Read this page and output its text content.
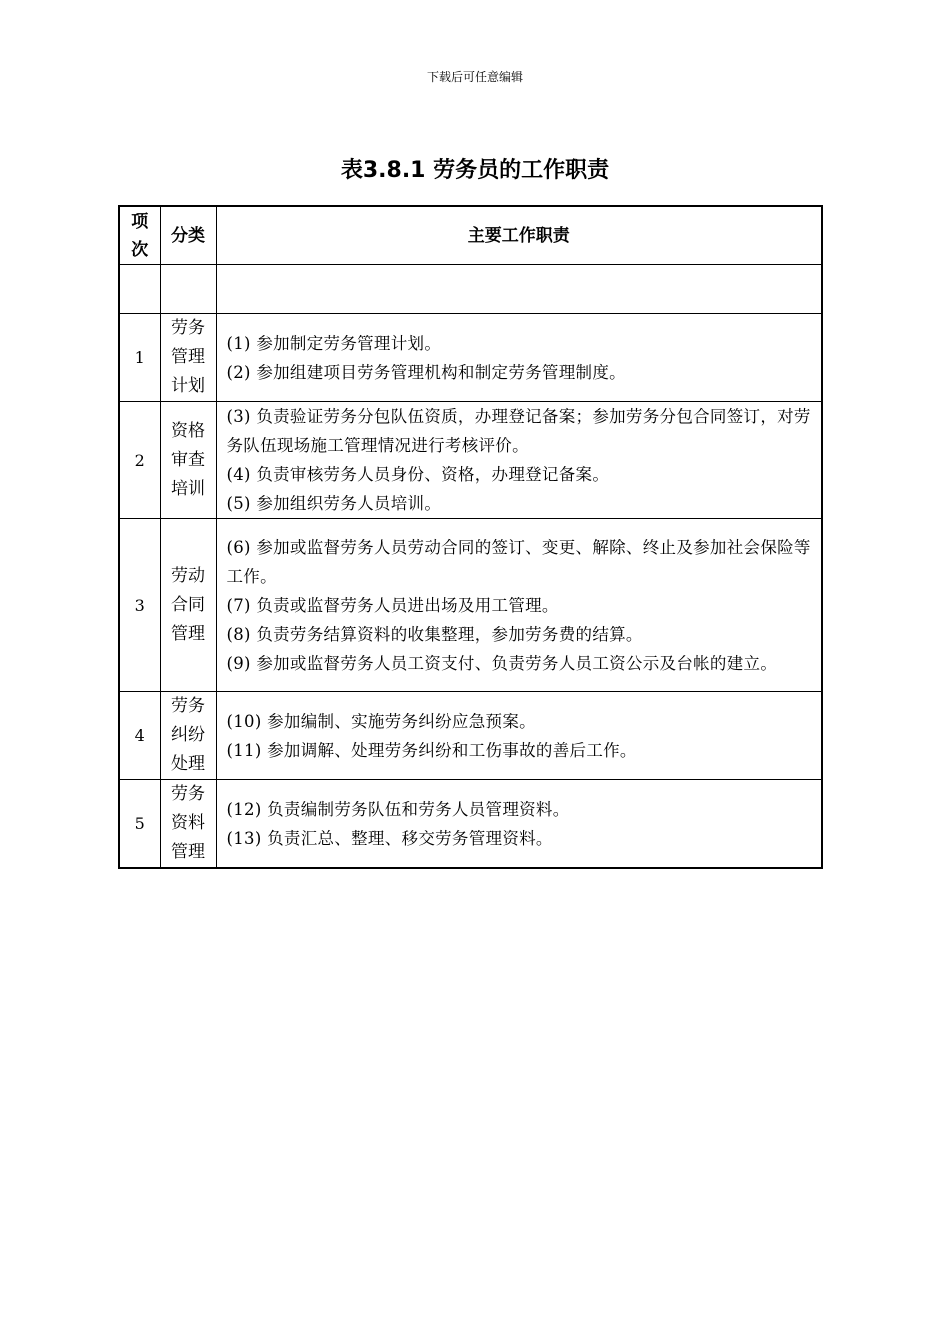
下载后可任意编辑
表3.8.1 劳务员的工作职责
项次	分类	主要工作职责

1	劳务管理计划	(1) 参加制定劳务管理计划。
(2) 参加组建项目劳务管理机构和制定劳务管理制度。

2	资格审查培训	(3) 负责验证劳务分包队伍资质，办理登记备案；参加劳务分包合同签订，对劳务队伍现场施工管理情况进行考核评价。
(4) 负责审核劳务人员身份、资格，办理登记备案。
(5) 参加组织劳务人员培训。

3	劳动合同管理	(6) 参加或监督劳务人员劳动合同的签订、变更、解除、终止及参加社会保险等工作。
(7) 负责或监督劳务人员进出场及用工管理。
(8) 负责劳务结算资料的收集整理，参加劳务费的结算。
(9) 参加或监督劳务人员工资支付、负责劳务人员工资公示及台帐的建立。

4	劳务纠纷处理	(10) 参加编制、实施劳务纠纷应急预案。
(11) 参加调解、处理劳务纠纷和工伤事故的善后工作。

5	劳务资料管理	(12) 负责编制劳务队伍和劳务人员管理资料。
(13) 负责汇总、整理、移交劳务管理资料。
